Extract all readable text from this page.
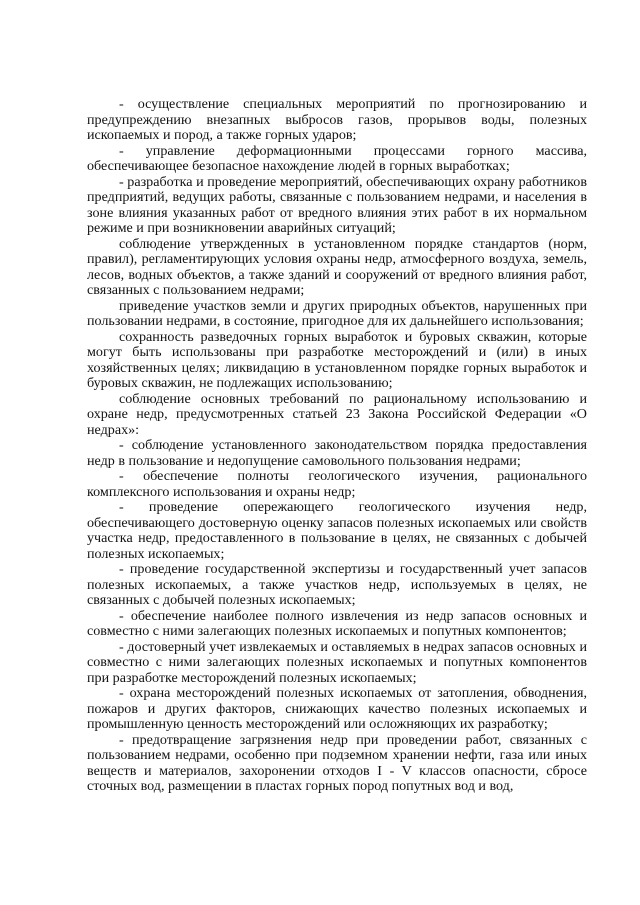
- осуществление специальных мероприятий по прогнозированию и предупреждению внезапных выбросов газов, прорывов воды, полезных ископаемых и пород, а также горных ударов;

- управление деформационными процессами горного массива, обеспечивающее безопасное нахождение людей в горных выработках;

- разработка и проведение мероприятий, обеспечивающих охрану работников предприятий, ведущих работы, связанные с пользованием недрами, и населения в зоне влияния указанных работ от вредного влияния этих работ в их нормальном режиме и при возникновении аварийных ситуаций;

соблюдение утвержденных в установленном порядке стандартов (норм, правил), регламентирующих условия охраны недр, атмосферного воздуха, земель, лесов, водных объектов, а также зданий и сооружений от вредного влияния работ, связанных с пользованием недрами;

приведение участков земли и других природных объектов, нарушенных при пользовании недрами, в состояние, пригодное для их дальнейшего использования;

сохранность разведочных горных выработок и буровых скважин, которые могут быть использованы при разработке месторождений и (или) в иных хозяйственных целях; ликвидацию в установленном порядке горных выработок и буровых скважин, не подлежащих использованию;

соблюдение основных требований по рациональному использованию и охране недр, предусмотренных статьей 23 Закона Российской Федерации «О недрах»:

- соблюдение установленного законодательством порядка предоставления недр в пользование и недопущение самовольного пользования недрами;

- обеспечение полноты геологического изучения, рационального комплексного использования и охраны недр;

- проведение опережающего геологического изучения недр, обеспечивающего достоверную оценку запасов полезных ископаемых или свойств участка недр, предоставленного в пользование в целях, не связанных с добычей полезных ископаемых;

- проведение государственной экспертизы и государственный учет запасов полезных ископаемых, а также участков недр, используемых в целях, не связанных с добычей полезных ископаемых;

- обеспечение наиболее полного извлечения из недр запасов основных и совместно с ними залегающих полезных ископаемых и попутных компонентов;

- достоверный учет извлекаемых и оставляемых в недрах запасов основных и совместно с ними залегающих полезных ископаемых и попутных компонентов при разработке месторождений полезных ископаемых;

- охрана месторождений полезных ископаемых от затопления, обводнения, пожаров и других факторов, снижающих качество полезных ископаемых и промышленную ценность месторождений или осложняющих их разработку;

- предотвращение загрязнения недр при проведении работ, связанных с пользованием недрами, особенно при подземном хранении нефти, газа или иных веществ и материалов, захоронении отходов I - V классов опасности, сбросе сточных вод, размещении в пластах горных пород попутных вод и вод,
